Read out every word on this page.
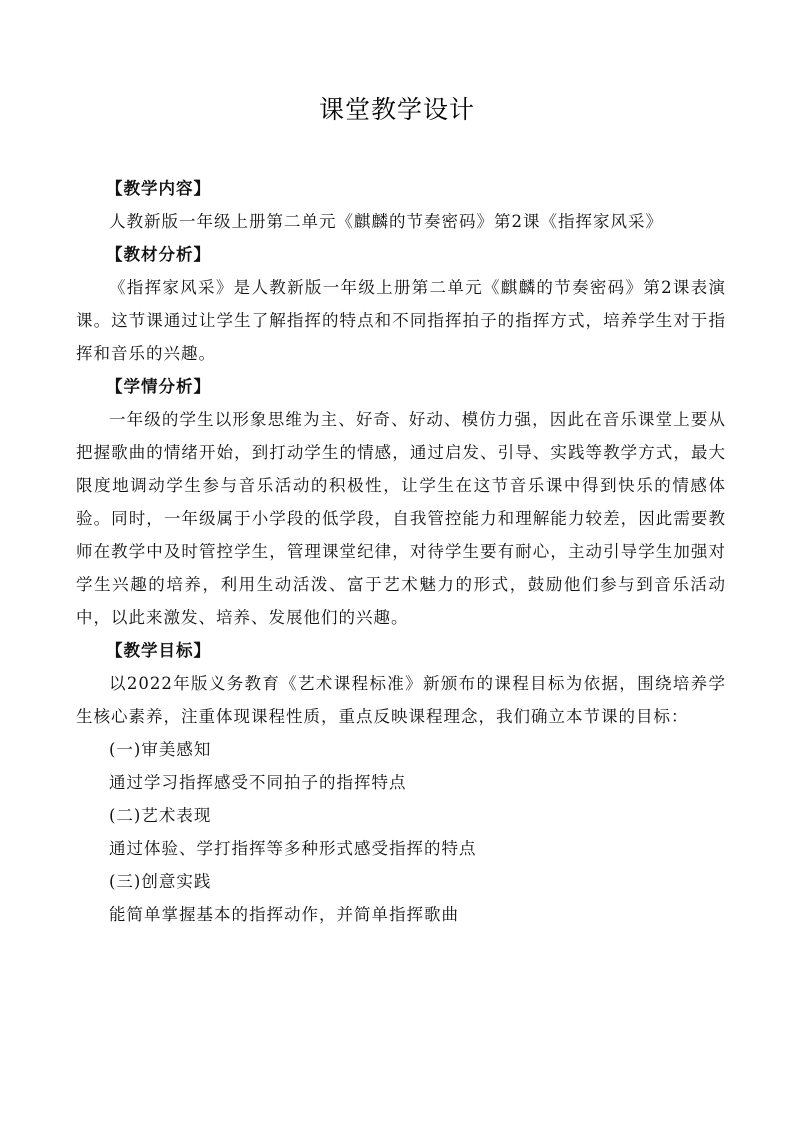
课堂教学设计
【教学内容】
人教新版一年级上册第二单元《麒麟的节奏密码》第2课《指挥家风采》
【教材分析】

《指挥家风采》是人教新版一年级上册第二单元《麒麟的节奏密码》第2课表演课。这节课通过让学生了解指挥的特点和不同指挥拍子的指挥方式，培养学生对于指挥和音乐的兴趣。

【学情分析】

一年级的学生以形象思维为主、好奇、好动、模仿力强，因此在音乐课堂上要从把握歌曲的情绪开始，到打动学生的情感，通过启发、引导、实践等教学方式，最大限度地调动学生参与音乐活动的积极性，让学生在这节音乐课中得到快乐的情感体验。同时，一年级属于小学段的低学段，自我管控能力和理解能力较差，因此需要教师在教学中及时管控学生，管理课堂纪律，对待学生要有耐心，主动引导学生加强对学生兴趣的培养，利用生动活泼、富于艺术魅力的形式，鼓励他们参与到音乐活动中，以此来激发、培养、发展他们的兴趣。

【教学目标】

以2022年版义务教育《艺术课程标准》新颁布的课程目标为依据，围绕培养学生核心素养，注重体现课程性质，重点反映课程理念，我们确立本节课的目标：

(一)审美感知
通过学习指挥感受不同拍子的指挥特点
(二)艺术表现
通过体验、学打指挥等多种形式感受指挥的特点
(三)创意实践
能简单掌握基本的指挥动作，并简单指挥歌曲
